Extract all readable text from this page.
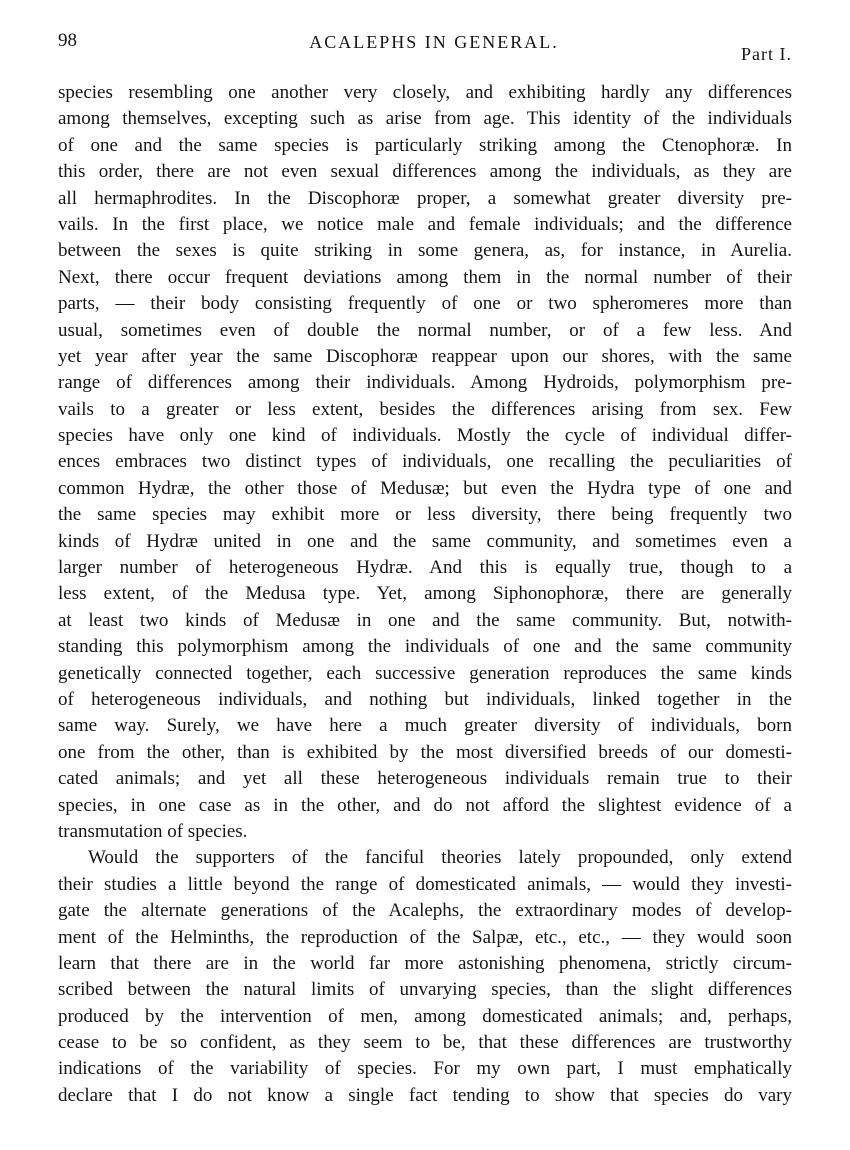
98	ACALEPHS IN GENERAL.
Part I.
species resembling one another very closely, and exhibiting hardly any differences
among themselves, excepting such as arise from age. This identity of the individuals
of one and the same species is particularly striking among the Ctenophoræ. In
this order, there are not even sexual differences among the individuals, as they are
all hermaphrodites. In the Discophoræ proper, a somewhat greater diversity pre-
vails. In the first place, we notice male and female individuals; and the difference
between the sexes is quite striking in some genera, as, for instance, in Aurelia.
Next, there occur frequent deviations among them in the normal number of their
parts, — their body consisting frequently of one or two spheromeres more than
usual, sometimes even of double the normal number, or of a few less. And
yet year after year the same Discophoræ reappear upon our shores, with the same
range of differences among their individuals. Among Hydroids, polymorphism pre-
vails to a greater or less extent, besides the differences arising from sex. Few
species have only one kind of individuals. Mostly the cycle of individual differ-
ences embraces two distinct types of individuals, one recalling the peculiarities of
common Hydræ, the other those of Medusæ; but even the Hydra type of one and
the same species may exhibit more or less diversity, there being frequently two
kinds of Hydræ united in one and the same community, and sometimes even a
larger number of heterogeneous Hydræ. And this is equally true, though to a
less extent, of the Medusa type. Yet, among Siphonophoræ, there are generally
at least two kinds of Medusæ in one and the same community. But, notwith-
standing this polymorphism among the individuals of one and the same community
genetically connected together, each successive generation reproduces the same kinds
of heterogeneous individuals, and nothing but individuals, linked together in the
same way. Surely, we have here a much greater diversity of individuals, born
one from the other, than is exhibited by the most diversified breeds of our domesti-
cated animals; and yet all these heterogeneous individuals remain true to their
species, in one case as in the other, and do not afford the slightest evidence of a
transmutation of species.
Would the supporters of the fanciful theories lately propounded, only extend
their studies a little beyond the range of domesticated animals, — would they investi-
gate the alternate generations of the Acalephs, the extraordinary modes of develop-
ment of the Helminths, the reproduction of the Salpæ, etc., etc., — they would soon
learn that there are in the world far more astonishing phenomena, strictly circum-
scribed between the natural limits of unvarying species, than the slight differences
produced by the intervention of men, among domesticated animals; and, perhaps,
cease to be so confident, as they seem to be, that these differences are trustworthy
indications of the variability of species. For my own part, I must emphatically
declare that I do not know a single fact tending to show that species do vary
